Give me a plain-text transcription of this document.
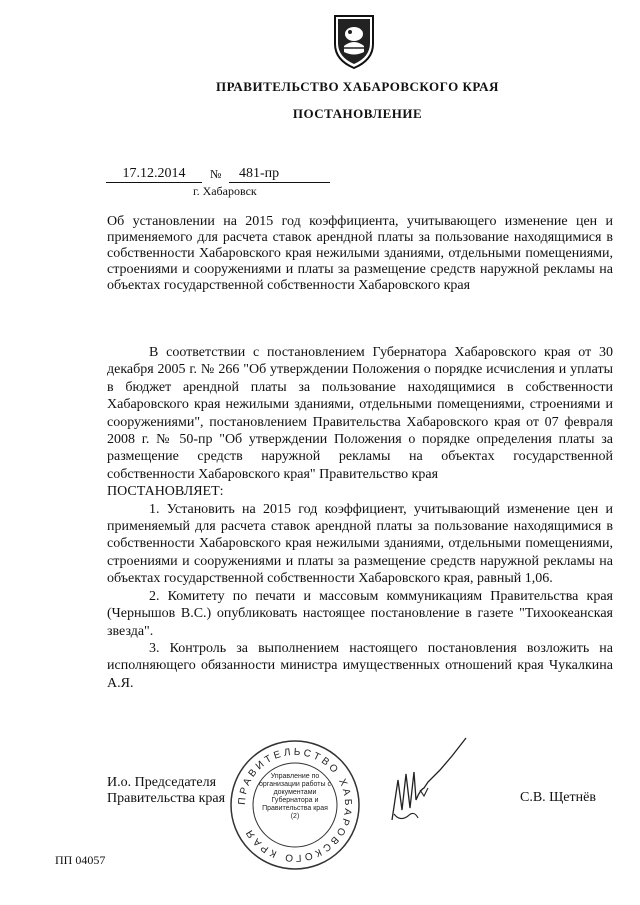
ПРАВИТЕЛЬСТВО ХАБАРОВСКОГО КРАЯ
ПОСТАНОВЛЕНИЕ
17.12.2014	№	481-пр
г. Хабаровск
Об установлении на 2015 год коэффициента, учитывающего изменение цен и применяемого для расчета ставок арендной платы за пользование находящимися в собственности Хабаровского края нежилыми зданиями, отдельными помещениями, строениями и сооружениями и платы за размещение средств наружной рекламы на объектах государственной собственности Хабаровского края

В соответствии с постановлением Губернатора Хабаровского края от 30 декабря 2005 г. № 266 "Об утверждении Положения о порядке исчисления и уплаты в бюджет арендной платы за пользование находящимися в собственности Хабаровского края нежилыми зданиями, отдельными помещениями, строениями и сооружениями", постановлением Правительства Хабаровского края от 07 февраля 2008 г. № 50-пр "Об утверждении Положения о порядке определения платы за размещение средств наружной рекламы на объектах государственной собственности Хабаровского края" Правительство края

ПОСТАНОВЛЯЕТ:

1. Установить на 2015 год коэффициент, учитывающий изменение цен и применяемый для расчета ставок арендной платы за пользование находящимися в собственности Хабаровского края нежилыми зданиями, отдельными помещениями, строениями и сооружениями и платы за размещение средств наружной рекламы на объектах государственной собственности Хабаровского края, равный 1,06.

2. Комитету по печати и массовым коммуникациям Правительства края (Чернышов В.С.) опубликовать настоящее постановление в газете "Тихоокеанская звезда".

3. Контроль за выполнением настоящего постановления возложить на исполняющего обязанности министра имущественных отношений края Чукалкина А.Я.

И.о. Председателя
Правительства края ПРАВИТЕЛЬСТВО ХАБАРОВСКОГО КРАЯ
Управление по организации работы с документами Губернатора и Правительства края (2)
С.В. Щетнёв
ПП 04057
